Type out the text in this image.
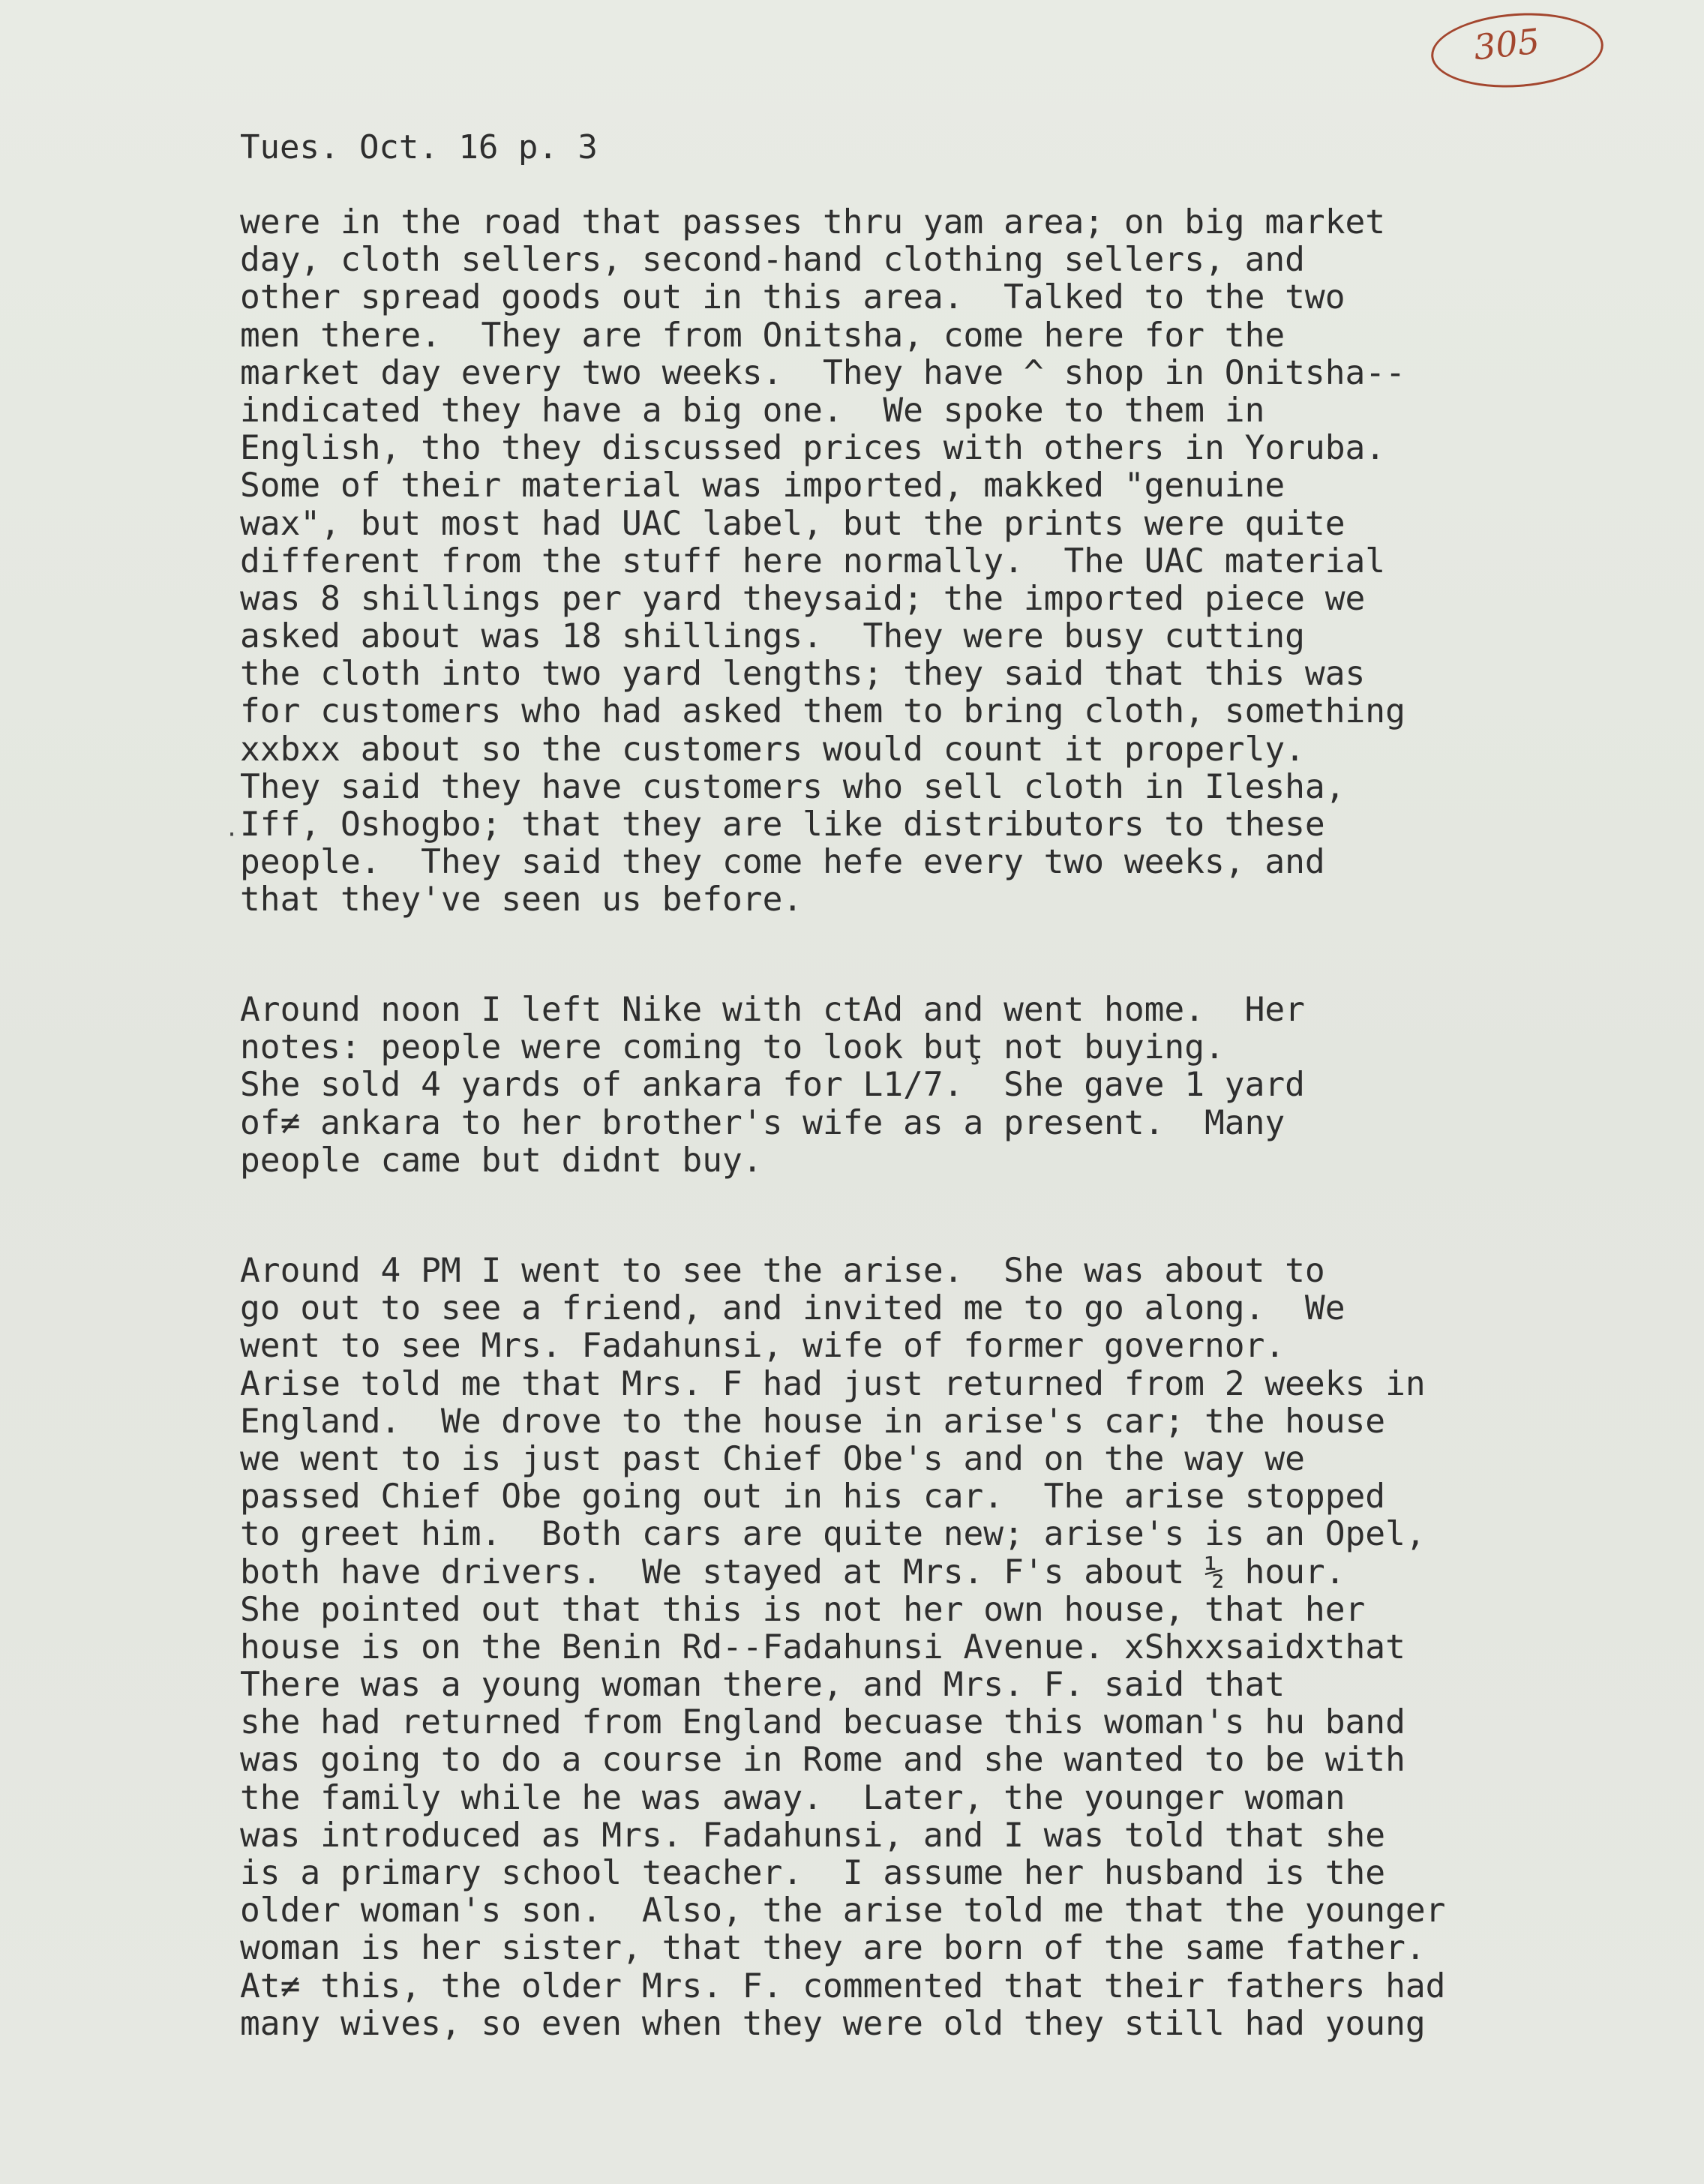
305
Tues. Oct. 16 p. 3
·
were in the road that passes thru yam area; on big market
day, cloth sellers, second-hand clothing sellers, and
other spread goods out in this area.  Talked to the two
men there.  They are from Onitsha, come here for the
market day every two weeks.  They have ^ shop in Onitsha--
indicated they have a big one.  We spoke to them in
English, tho they discussed prices with others in Yoruba.
Some of their material was imported, makked "genuine
wax", but most had UAC label, but the prints were quite
different from the stuff here normally.  The UAC material
was 8 shillings per yard theysaid; the imported piece we
asked about was 18 shillings.  They were busy cutting
the cloth into two yard lengths; they said that this was
for customers who had asked them to bring cloth, something
xxbxx about so the customers would count it properly.
They said they have customers who sell cloth in Ilesha,
Iff, Oshogbo; that they are like distributors to these
people.  They said they come hefe every two weeks, and
that they've seen us before.
Around noon I left Nike with ctAd and went home.  Her
notes: people were coming to look buţ not buying.
She sold 4 yards of ankara for L1/7.  She gave 1 yard
of≠ ankara to her brother's wife as a present.  Many
people came but didnt buy.
Around 4 PM I went to see the arise.  She was about to
go out to see a friend, and invited me to go along.  We
went to see Mrs. Fadahunsi, wife of former governor.
Arise told me that Mrs. F had just returned from 2 weeks in
England.  We drove to the house in arise's car; the house
we went to is just past Chief Obe's and on the way we
passed Chief Obe going out in his car.  The arise stopped
to greet him.  Both cars are quite new; arise's is an Opel,
both have drivers.  We stayed at Mrs. F's about ½ hour.
She pointed out that this is not her own house, that her
house is on the Benin Rd--Fadahunsi Avenue. xShxxsaidxthat
There was a young woman there, and Mrs. F. said that
she had returned from England becuase this woman's hu band
was going to do a course in Rome and she wanted to be with
the family while he was away.  Later, the younger woman
was introduced as Mrs. Fadahunsi, and I was told that she
is a primary school teacher.  I assume her husband is the
older woman's son.  Also, the arise told me that the younger
woman is her sister, that they are born of the same father.
At≠ this, the older Mrs. F. commented that their fathers had
many wives, so even when they were old they still had young
